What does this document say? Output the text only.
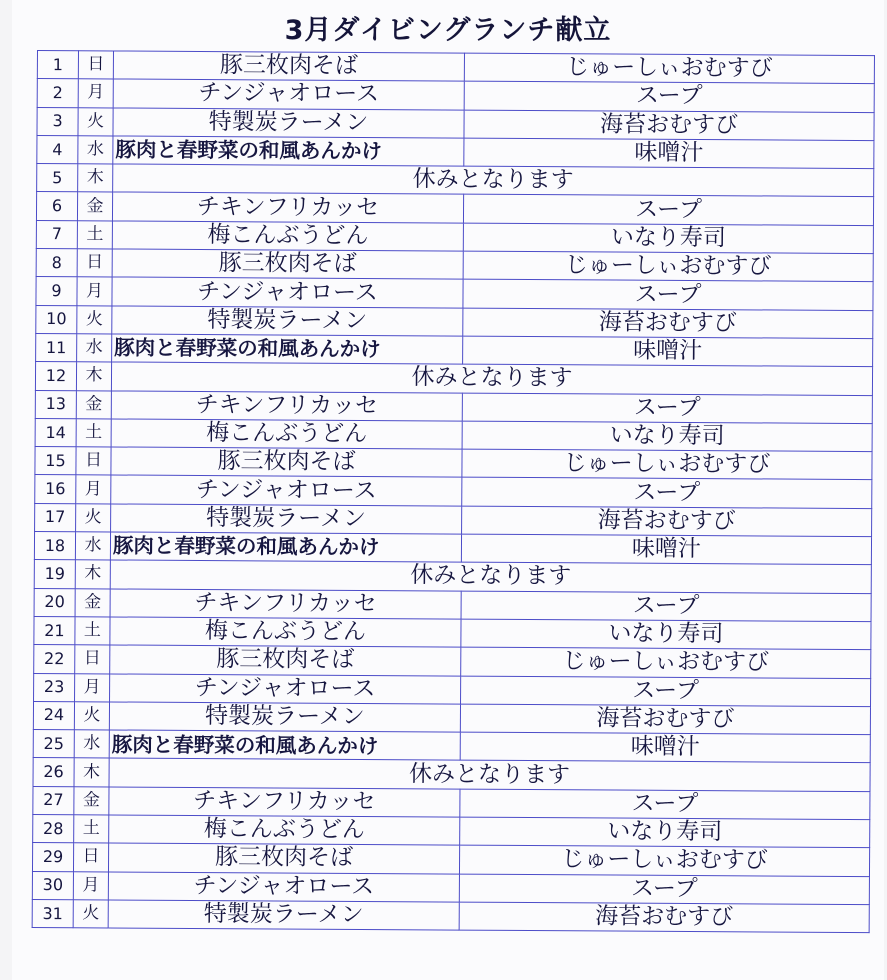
3月ダイビングランチ献立
1	日	豚三枚肉そば	じゅーしぃおむすび
2	月	チンジャオロース	スープ
3	火	特製炭ラーメン	海苔おむすび
4	水	豚肉と春野菜の和風あんかけ	味噌汁
5	木	休みとなります	
6	金	チキンフリカッセ	スープ
7	土	梅こんぶうどん	いなり寿司
8	日	豚三枚肉そば	じゅーしぃおむすび
9	月	チンジャオロース	スープ
10	火	特製炭ラーメン	海苔おむすび
11	水	豚肉と春野菜の和風あんかけ	味噌汁
12	木	休みとなります	
13	金	チキンフリカッセ	スープ
14	土	梅こんぶうどん	いなり寿司
15	日	豚三枚肉そば	じゅーしぃおむすび
16	月	チンジャオロース	スープ
17	火	特製炭ラーメン	海苔おむすび
18	水	豚肉と春野菜の和風あんかけ	味噌汁
19	木	休みとなります	
20	金	チキンフリカッセ	スープ
21	土	梅こんぶうどん	いなり寿司
22	日	豚三枚肉そば	じゅーしぃおむすび
23	月	チンジャオロース	スープ
24	火	特製炭ラーメン	海苔おむすび
25	水	豚肉と春野菜の和風あんかけ	味噌汁
26	木	休みとなります	
27	金	チキンフリカッセ	スープ
28	土	梅こんぶうどん	いなり寿司
29	日	豚三枚肉そば	じゅーしぃおむすび
30	月	チンジャオロース	スープ
31	火	特製炭ラーメン	海苔おむすび
